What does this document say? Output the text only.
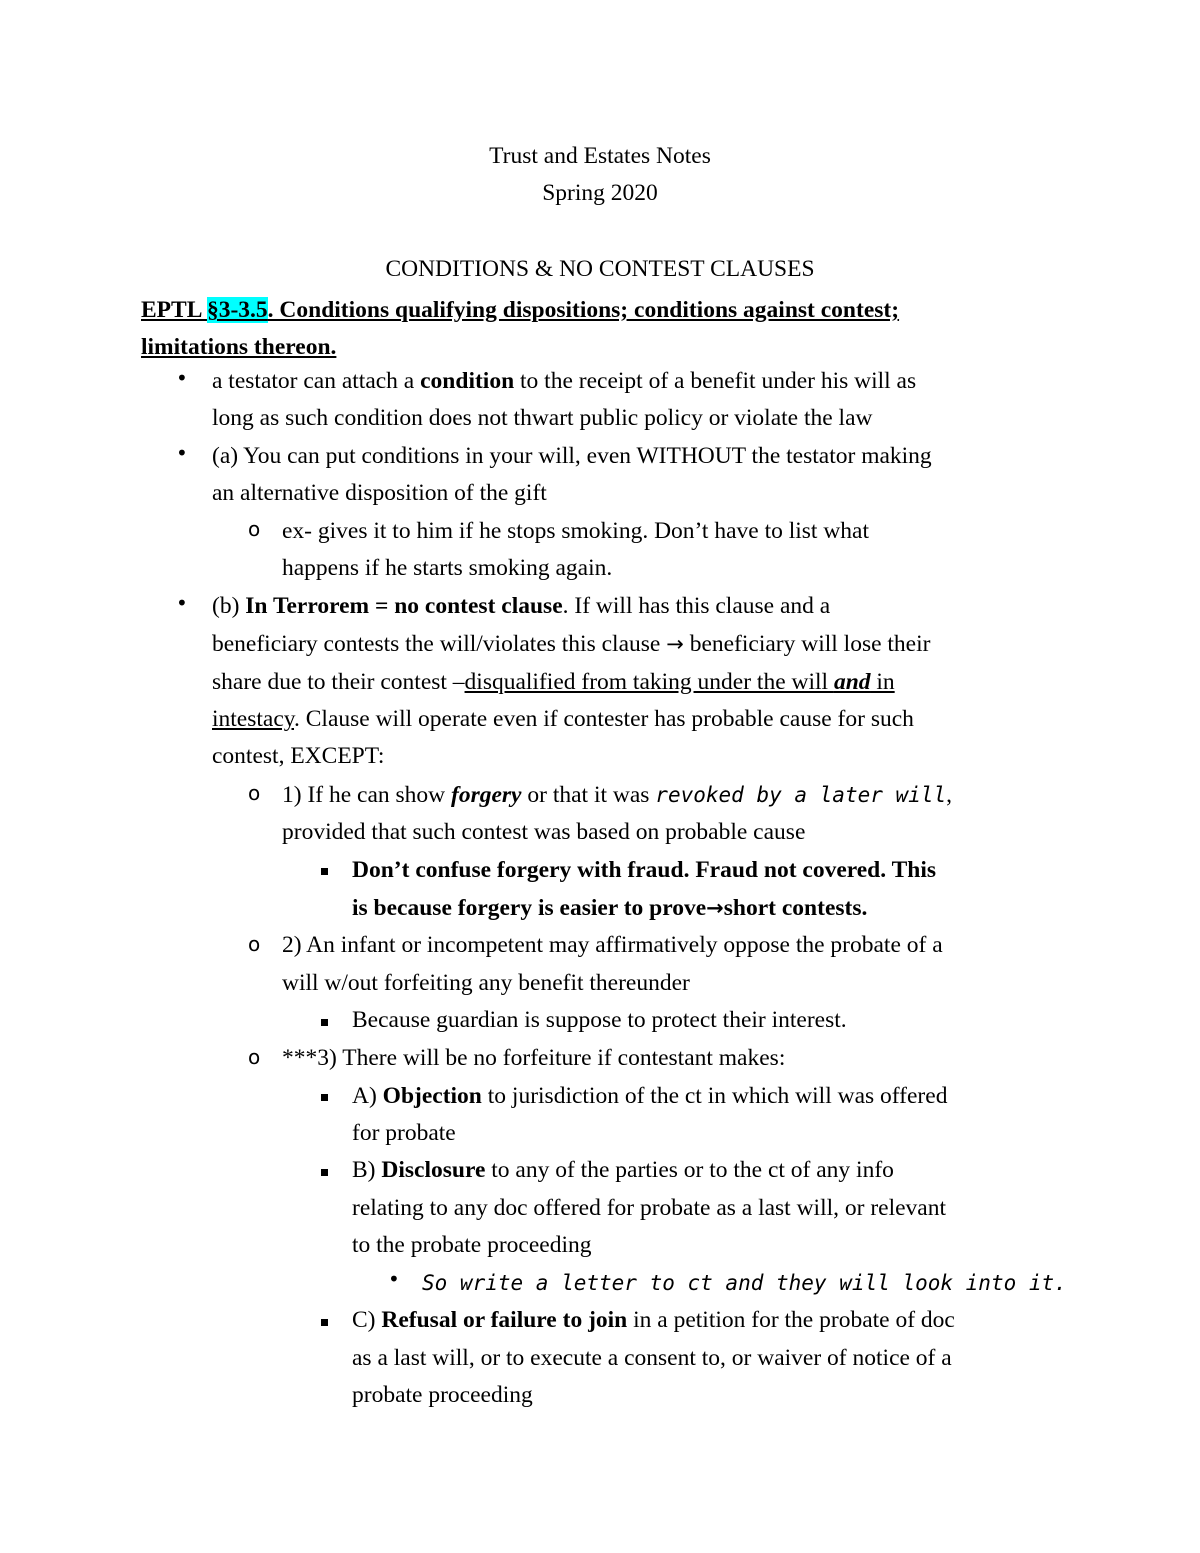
Trust and Estates Notes
Spring 2020
CONDITIONS & NO CONTEST CLAUSES
EPTL §3-3.5. Conditions qualifying dispositions; conditions against contest;
limitations thereon.
• a testator can attach a condition to the receipt of a benefit under his will as
long as such condition does not thwart public policy or violate the law
• (a) You can put conditions in your will, even WITHOUT the testator making
an alternative disposition of the gift
o ex- gives it to him if he stops smoking. Don’t have to list what
happens if he starts smoking again.
• (b) In Terrorem = no contest clause. If will has this clause and a
beneficiary contests the will/violates this clause → beneficiary will lose their
share due to their contest –disqualified from taking under the will and in
intestacy. Clause will operate even if contester has probable cause for such
contest, EXCEPT:
o 1) If he can show forgery or that it was revoked by a later will,
provided that such contest was based on probable cause
Don’t confuse forgery with fraud. Fraud not covered. This
is because forgery is easier to prove→short contests.
o 2) An infant or incompetent may affirmatively oppose the probate of a
will w/out forfeiting any benefit thereunder
Because guardian is suppose to protect their interest.
o ***3) There will be no forfeiture if contestant makes:
A) Objection to jurisdiction of the ct in which will was offered
for probate
B) Disclosure to any of the parties or to the ct of any info
relating to any doc offered for probate as a last will, or relevant
to the probate proceeding
• So write a letter to ct and they will look into it.
C) Refusal or failure to join in a petition for the probate of doc
as a last will, or to execute a consent to, or waiver of notice of a
probate proceeding
